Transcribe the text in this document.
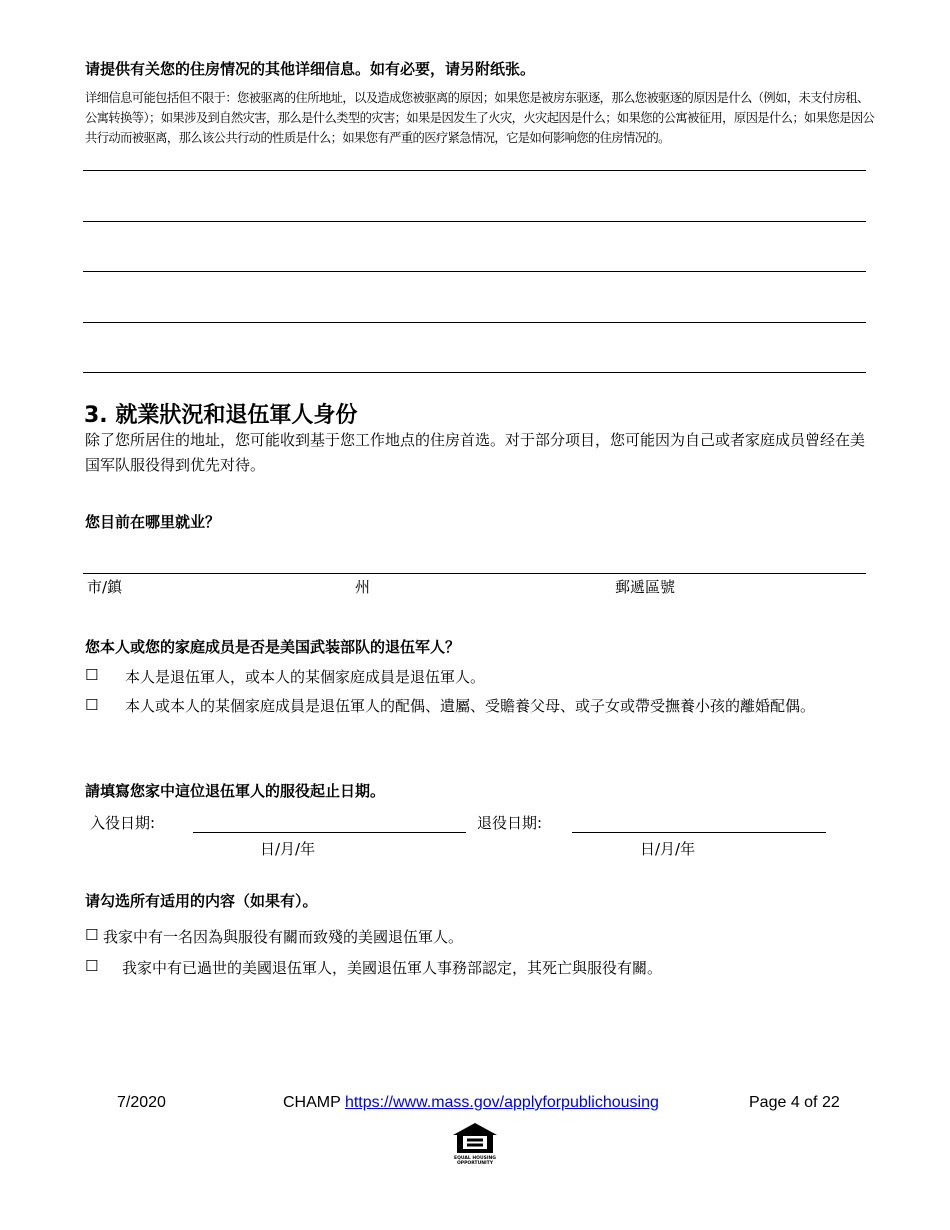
请提供有关您的住房情况的其他详细信息。如有必要，请另附纸张。
详细信息可能包括但不限于：您被驱离的住所地址，以及造成您被驱离的原因；如果您是被房东驱逐，那么您被驱逐的原因是什么（例如，未支付房租、公寓转换等）；如果涉及到自然灾害，那么是什么类型的灾害；如果是因发生了火灾，火灾起因是什么；如果您的公寓被征用，原因是什么；如果您是因公共行动而被驱离，那么该公共行动的性质是什么；如果您有严重的医疗紧急情况，它是如何影响您的住房情况的。
3. 就業狀況和退伍軍人身份
除了您所居住的地址，您可能收到基于您工作地点的住房首选。对于部分项目，您可能因为自己或者家庭成员曾经在美国军队服役得到优先对待。
您目前在哪里就业？
市/鎮	州	郵遞區號
您本人或您的家庭成员是否是美国武装部队的退伍军人？
☐ 本人是退伍軍人，或本人的某個家庭成員是退伍軍人。
☐ 本人或本人的某個家庭成員是退伍軍人的配偶、遺屬、受贍養父母、或子女或帶受撫養小孩的離婚配偶。
請填寫您家中這位退伍軍人的服役起止日期。
入役日期:	退役日期:
日/月/年	日/月/年
请勾选所有适用的内容（如果有）。
☐ 我家中有一名因為與服役有關而致殘的美國退伍軍人。
☐ 我家中有已過世的美國退伍軍人，美國退伍軍人事務部認定，其死亡與服役有關。
7/2020	CHAMP https://www.mass.gov/applyforpublichousing	Page 4 of 22
EQUAL HOUSING
OPPORTUNITY
